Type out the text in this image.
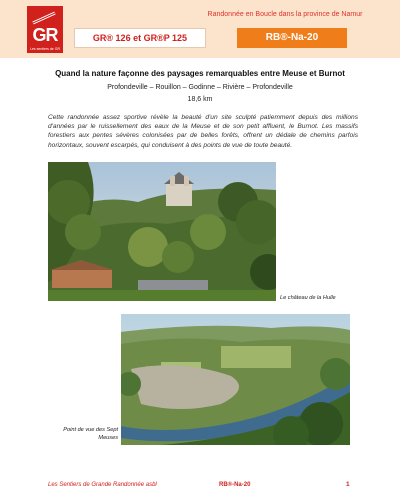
GR
Les sentiers de GR
Randonnée en Boucle dans la province de Namur
GR® 126 et GR®P 125	RB®-Na-20
Quand la nature façonne des paysages remarquables entre Meuse et Burnot
Profondeville – Rouillon – Godinne – Rivière – Profondeville
18,6 km

Cette randonnée assez sportive révèle la beauté d'un site sculpté patiemment depuis des millions d'années par le ruissellement des eaux de la Meuse et de son petit affluent, le Burnot. Les massifs forestiers aux pentes sévères colonisées par de belles forêts, offrent un dédale de chemins parfois horizontaux, souvent escarpés, qui conduisent à des points de vue de toute beauté.

Le château de la Hulle
Point de vue des Sept Meuses
Les Sentiers de Grande Randonnée asbl	RB®-Na-20	1
